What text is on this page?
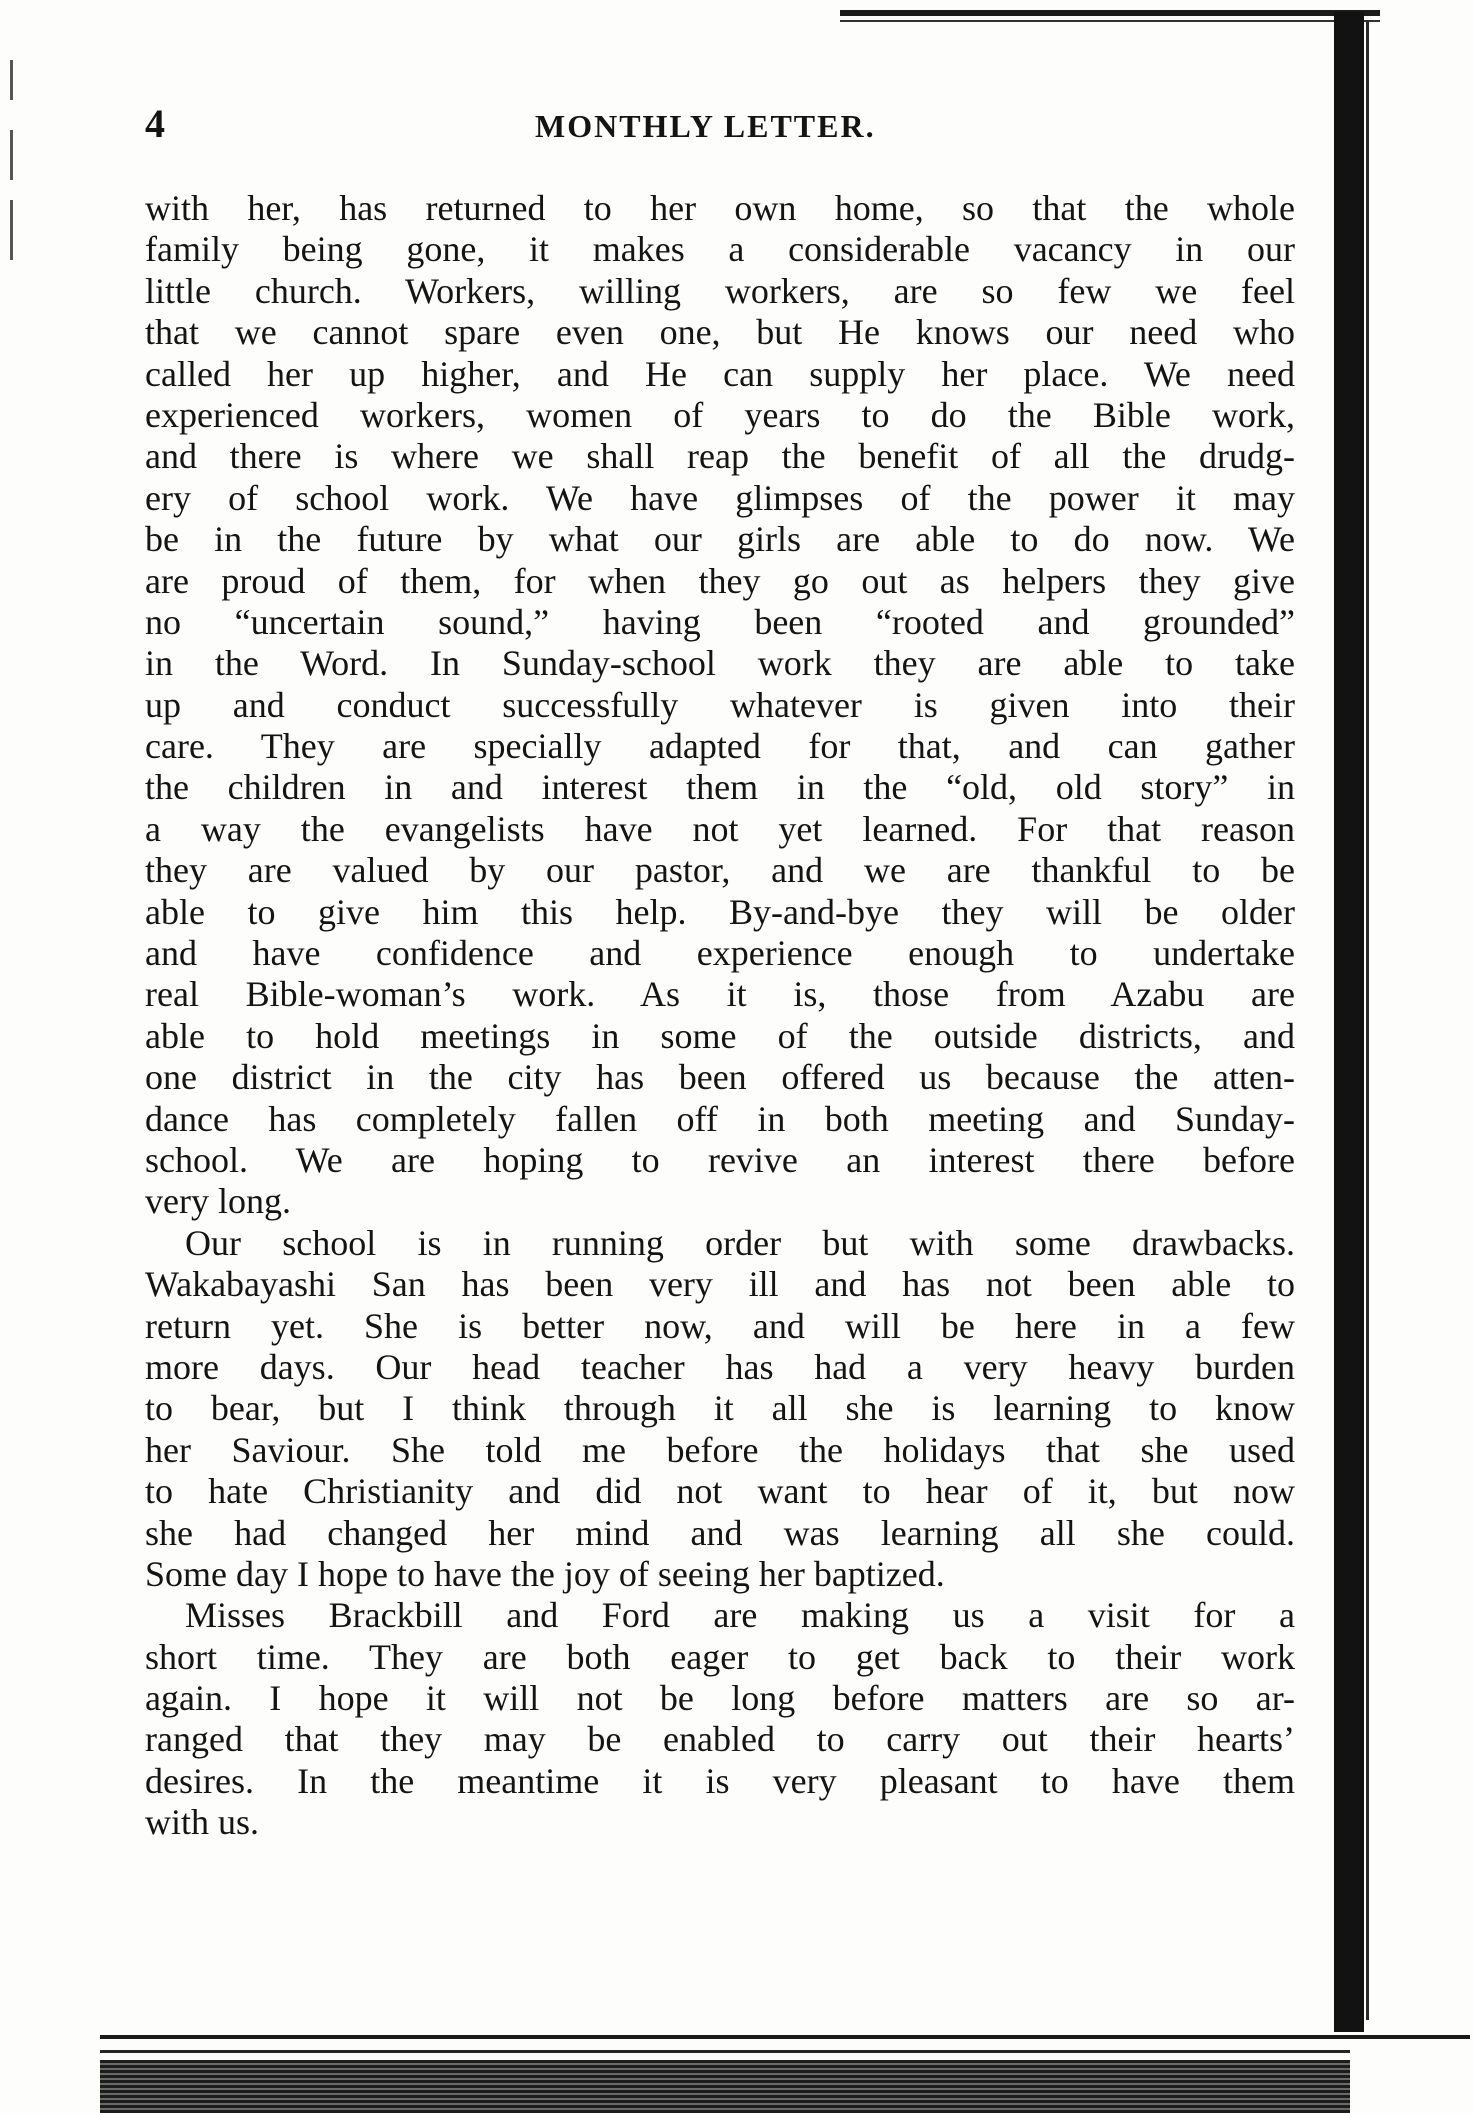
4	MONTHLY LETTER.
with her, has returned to her own home, so that the whole
family being gone, it makes a considerable vacancy in our
little church. Workers, willing workers, are so few we feel
that we cannot spare even one, but He knows our need who
called her up higher, and He can supply her place. We need
experienced workers, women of years to do the Bible work,
and there is where we shall reap the benefit of all the drudg-
ery of school work. We have glimpses of the power it may
be in the future by what our girls are able to do now. We
are proud of them, for when they go out as helpers they give
no “uncertain sound,” having been “rooted and grounded”
in the Word. In Sunday-school work they are able to take
up and conduct successfully whatever is given into their
care. They are specially adapted for that, and can gather
the children in and interest them in the “old, old story” in
a way the evangelists have not yet learned. For that reason
they are valued by our pastor, and we are thankful to be
able to give him this help. By-and-bye they will be older
and have confidence and experience enough to undertake
real Bible-woman’s work. As it is, those from Azabu are
able to hold meetings in some of the outside districts, and
one district in the city has been offered us because the atten-
dance has completely fallen off in both meeting and Sunday-
school. We are hoping to revive an interest there before
very long.
Our school is in running order but with some drawbacks.
Wakabayashi San has been very ill and has not been able to
return yet. She is better now, and will be here in a few
more days. Our head teacher has had a very heavy burden
to bear, but I think through it all she is learning to know
her Saviour. She told me before the holidays that she used
to hate Christianity and did not want to hear of it, but now
she had changed her mind and was learning all she could.
Some day I hope to have the joy of seeing her baptized.
Misses Brackbill and Ford are making us a visit for a
short time. They are both eager to get back to their work
again. I hope it will not be long before matters are so ar-
ranged that they may be enabled to carry out their hearts’
desires. In the meantime it is very pleasant to have them
with us.
